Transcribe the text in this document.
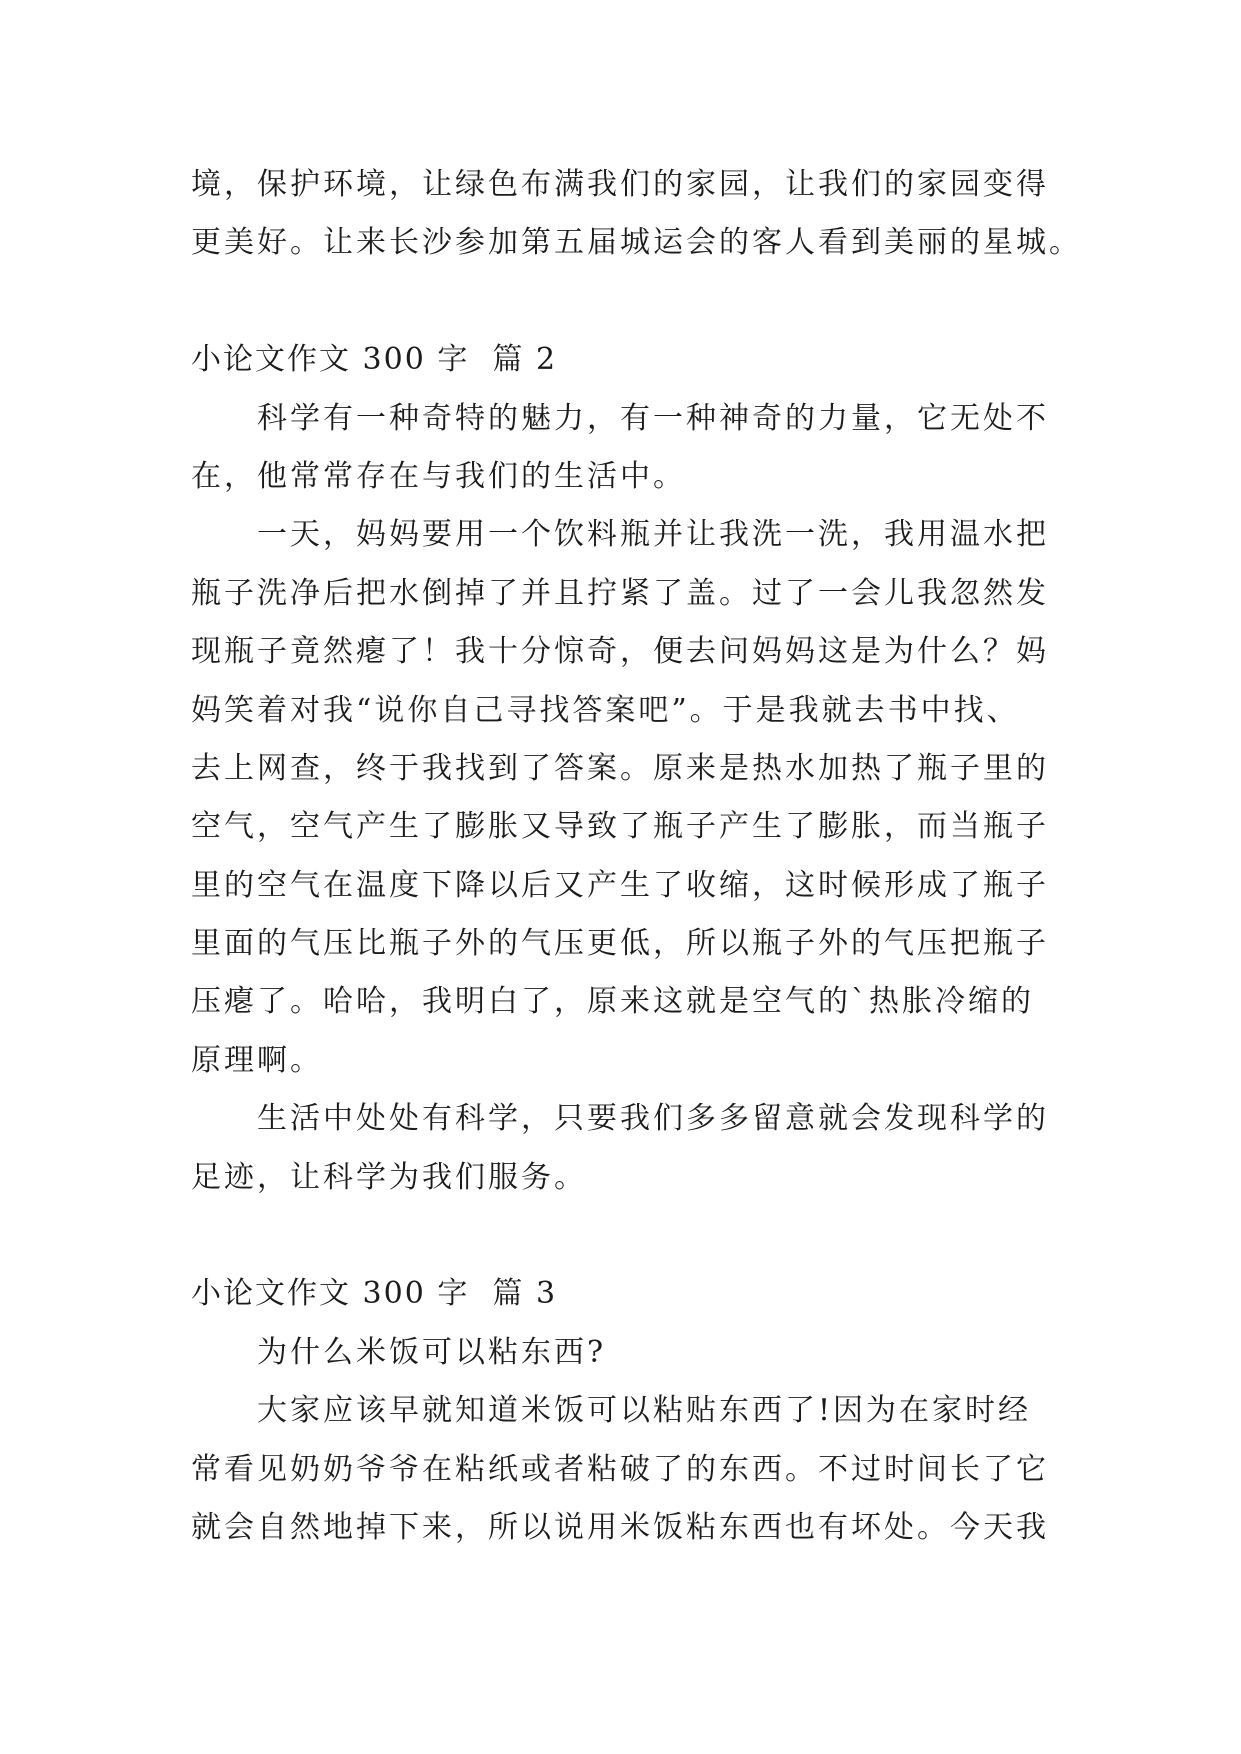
境，保护环境，让绿色布满我们的家园，让我们的家园变得
更美好。让来长沙参加第五届城运会的客人看到美丽的星城。
小论文作文 300 字  篇 2
科学有一种奇特的魅力，有一种神奇的力量，它无处不
在，他常常存在与我们的生活中。
一天，妈妈要用一个饮料瓶并让我洗一洗，我用温水把
瓶子洗净后把水倒掉了并且拧紧了盖。过了一会儿我忽然发
现瓶子竟然瘪了！我十分惊奇，便去问妈妈这是为什么？妈
妈笑着对我“说你自己寻找答案吧”。于是我就去书中找、
去上网查，终于我找到了答案。原来是热水加热了瓶子里的
空气，空气产生了膨胀又导致了瓶子产生了膨胀，而当瓶子
里的空气在温度下降以后又产生了收缩，这时候形成了瓶子
里面的气压比瓶子外的气压更低，所以瓶子外的气压把瓶子
压瘪了。哈哈，我明白了，原来这就是空气的`热胀冷缩的
原理啊。
生活中处处有科学，只要我们多多留意就会发现科学的
足迹，让科学为我们服务。
小论文作文 300 字  篇 3
为什么米饭可以粘东西?
大家应该早就知道米饭可以粘贴东西了!因为在家时经
常看见奶奶爷爷在粘纸或者粘破了的东西。不过时间长了它
就会自然地掉下来，所以说用米饭粘东西也有坏处。今天我
